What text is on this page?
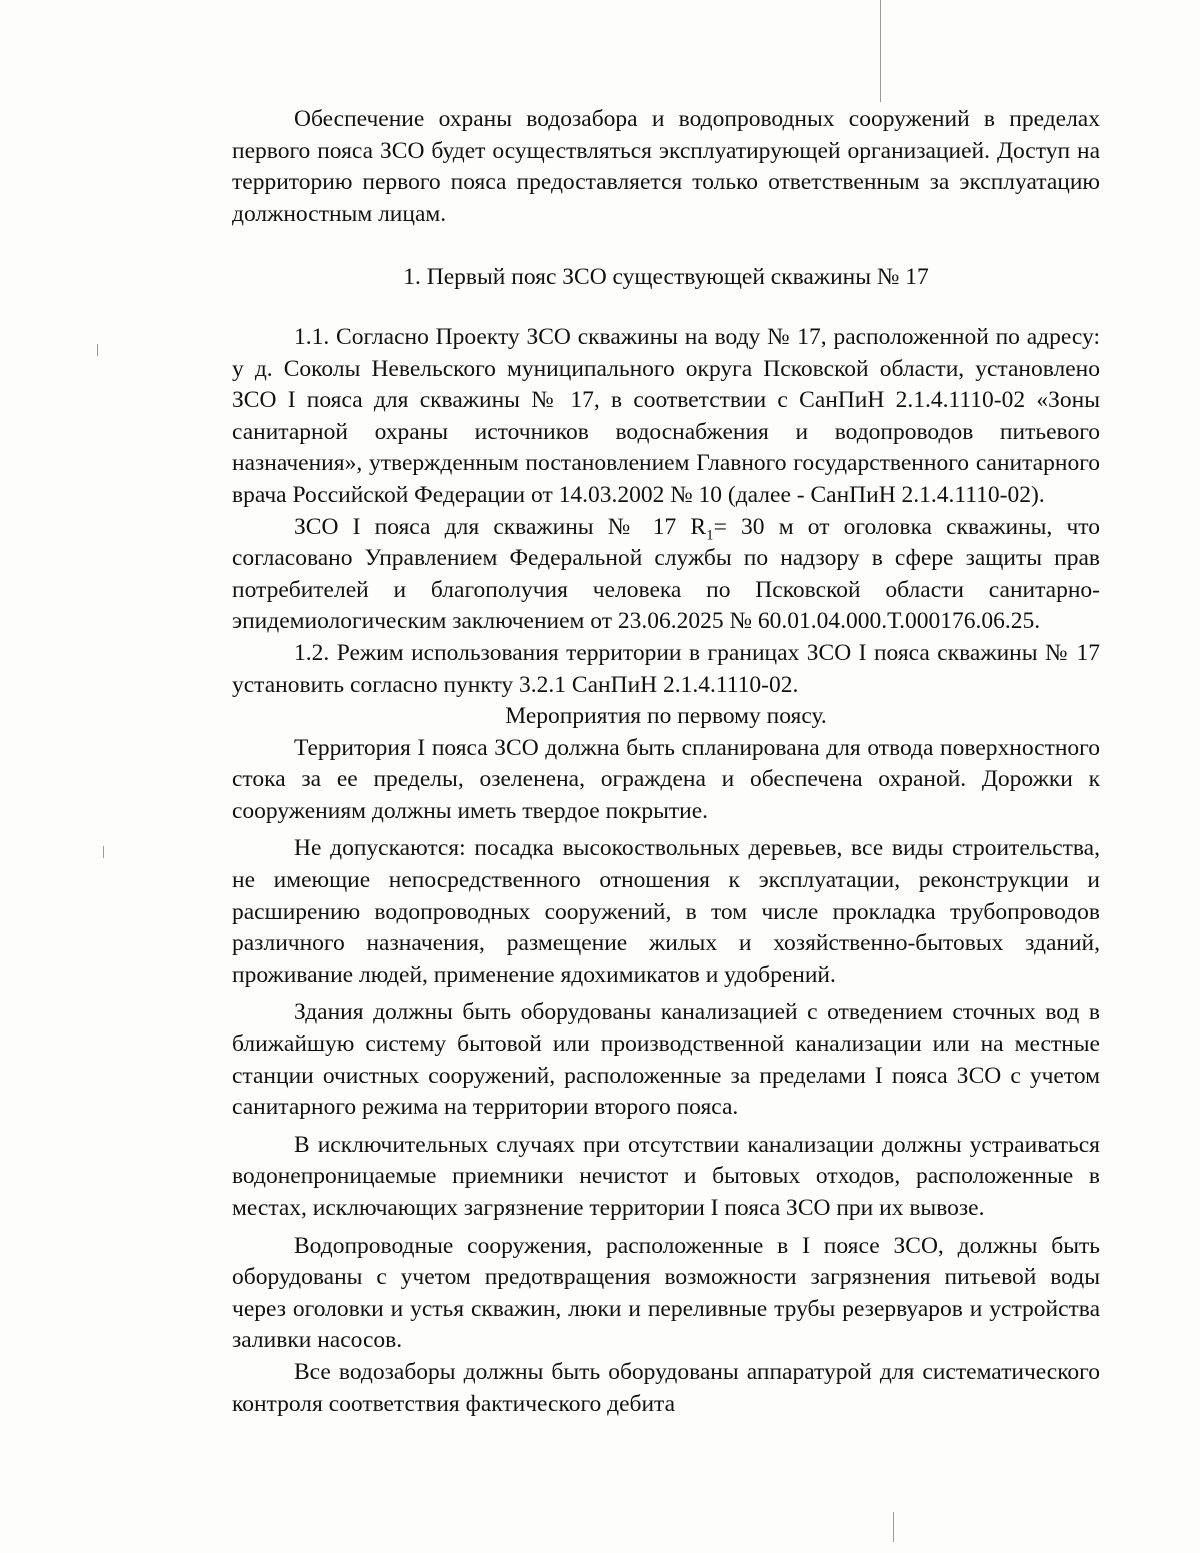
Обеспечение охраны водозабора и водопроводных сооружений в пределах первого пояса ЗСО будет осуществляться эксплуатирующей организацией. Доступ на территорию первого пояса предоставляется только ответственным за эксплуатацию должностным лицам.

1. Первый пояс ЗСО существующей скважины № 17

1.1. Согласно Проекту ЗСО скважины на воду № 17, расположенной по адресу: у д. Соколы Невельского муниципального округа Псковской области, установлено ЗСО I пояса для скважины № 17, в соответствии с СанПиН 2.1.4.1110-02 «Зоны санитарной охраны источников водоснабжения и водопроводов питьевого назначения», утвержденным постановлением Главного государственного санитарного врача Российской Федерации от 14.03.2002 № 10 (далее - СанПиН 2.1.4.1110-02).

ЗСО I пояса для скважины № 17 $R_1= 30$ м от оголовка скважины, что согласовано Управлением Федеральной службы по надзору в сфере защиты прав потребителей и благополучия человека по Псковской области санитарно-эпидемиологическим заключением от 23.06.2025 № 60.01.04.000.Т.000176.06.25.

1.2. Режим использования территории в границах ЗСО I пояса скважины № 17 установить согласно пункту 3.2.1 СанПиН 2.1.4.1110-02.

Мероприятия по первому поясу.

Территория I пояса ЗСО должна быть спланирована для отвода поверхностного стока за ее пределы, озеленена, ограждена и обеспечена охраной. Дорожки к сооружениям должны иметь твердое покрытие.

Не допускаются: посадка высокоствольных деревьев, все виды строительства, не имеющие непосредственного отношения к эксплуатации, реконструкции и расширению водопроводных сооружений, в том числе прокладка трубопроводов различного назначения, размещение жилых и хозяйственно-бытовых зданий, проживание людей, применение ядохимикатов и удобрений.

Здания должны быть оборудованы канализацией с отведением сточных вод в ближайшую систему бытовой или производственной канализации или на местные станции очистных сооружений, расположенные за пределами I пояса ЗСО с учетом санитарного режима на территории второго пояса.

В исключительных случаях при отсутствии канализации должны устраиваться водонепроницаемые приемники нечистот и бытовых отходов, расположенные в местах, исключающих загрязнение территории I пояса ЗСО при их вывозе.

Водопроводные сооружения, расположенные в I поясе ЗСО, должны быть оборудованы с учетом предотвращения возможности загрязнения питьевой воды через оголовки и устья скважин, люки и переливные трубы резервуаров и устройства заливки насосов.

Все водозаборы должны быть оборудованы аппаратурой для систематического контроля соответствия фактического дебита
